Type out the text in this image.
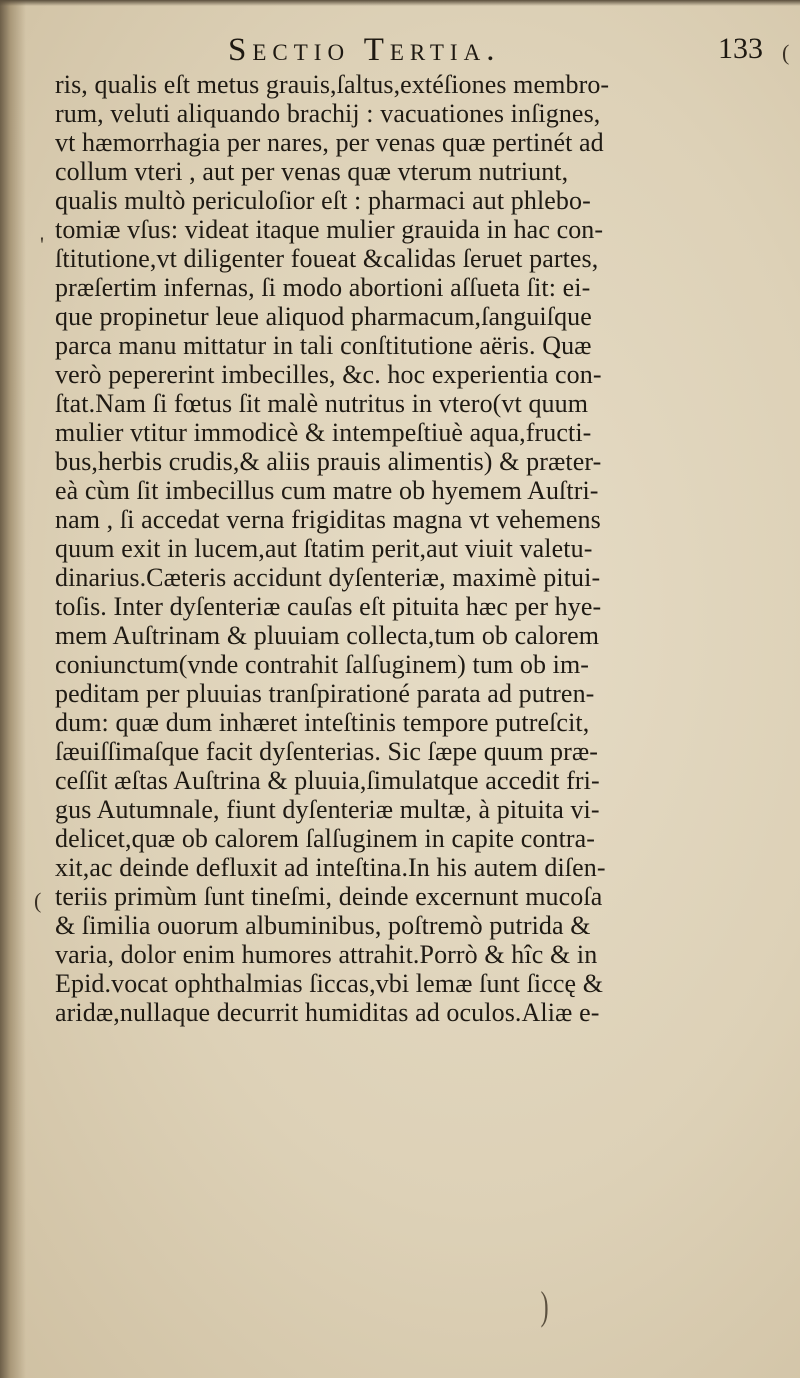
Sectio Tertia.	133 (
'
(
ris, qualis eſt metus grauis,ſaltus,extéſiones membro-
rum, veluti aliquando brachij : vacuationes inſignes,
vt hæmorrhagia per nares, per venas quæ pertinét ad
collum vteri , aut per venas quæ vterum nutriunt,
qualis multò periculoſior eſt : pharmaci aut phlebo-
tomiæ vſus: videat itaque mulier grauida in hac con-
ſtitutione,vt diligenter foueat &calidas ſeruet partes,
præſertim infernas, ſi modo abortioni aſſueta ſit: ei-
que propinetur leue aliquod pharmacum,ſanguiſque
parca manu mittatur in tali conſtitutione aëris. Quæ
verò pepererint imbecilles, &c. hoc experientia con-
ſtat.Nam ſi fœtus ſit malè nutritus in vtero(vt quum
mulier vtitur immodicè & intempeſtiuè aqua,fructi-
bus,herbis crudis,& aliis prauis alimentis) & præter-
eà cùm ſit imbecillus cum matre ob hyemem Auſtri-
nam , ſi accedat verna frigiditas magna vt vehemens
quum exit in lucem,aut ſtatim perit,aut viuit valetu-
dinarius.Cæteris accidunt dyſenteriæ, maximè pitui-
toſis. Inter dyſenteriæ cauſas eſt pituita hæc per hye-
mem Auſtrinam & pluuiam collecta,tum ob calorem
coniunctum(vnde contrahit ſalſuginem) tum ob im-
peditam per pluuias tranſpirationé parata ad putren-
dum: quæ dum inhæret inteſtinis tempore putreſcit,
ſæuiſſimaſque facit dyſenterias. Sic ſæpe quum præ-
ceſſit æſtas Auſtrina & pluuia,ſimulatque accedit fri-
gus Autumnale, fiunt dyſenteriæ multæ, à pituita vi-
delicet,quæ ob calorem ſalſuginem in capite contra-
xit,ac deinde defluxit ad inteſtina.In his autem diſen-
teriis primùm ſunt tineſmi, deinde excernunt mucoſa
& ſimilia ouorum albuminibus, poſtremò putrida &
varia, dolor enim humores attrahit.Porrò & hîc & in
Epid.vocat ophthalmias ſiccas,vbi lemæ ſunt ſiccę &
aridæ,nullaque decurrit humiditas ad oculos.Aliæ e-
)
